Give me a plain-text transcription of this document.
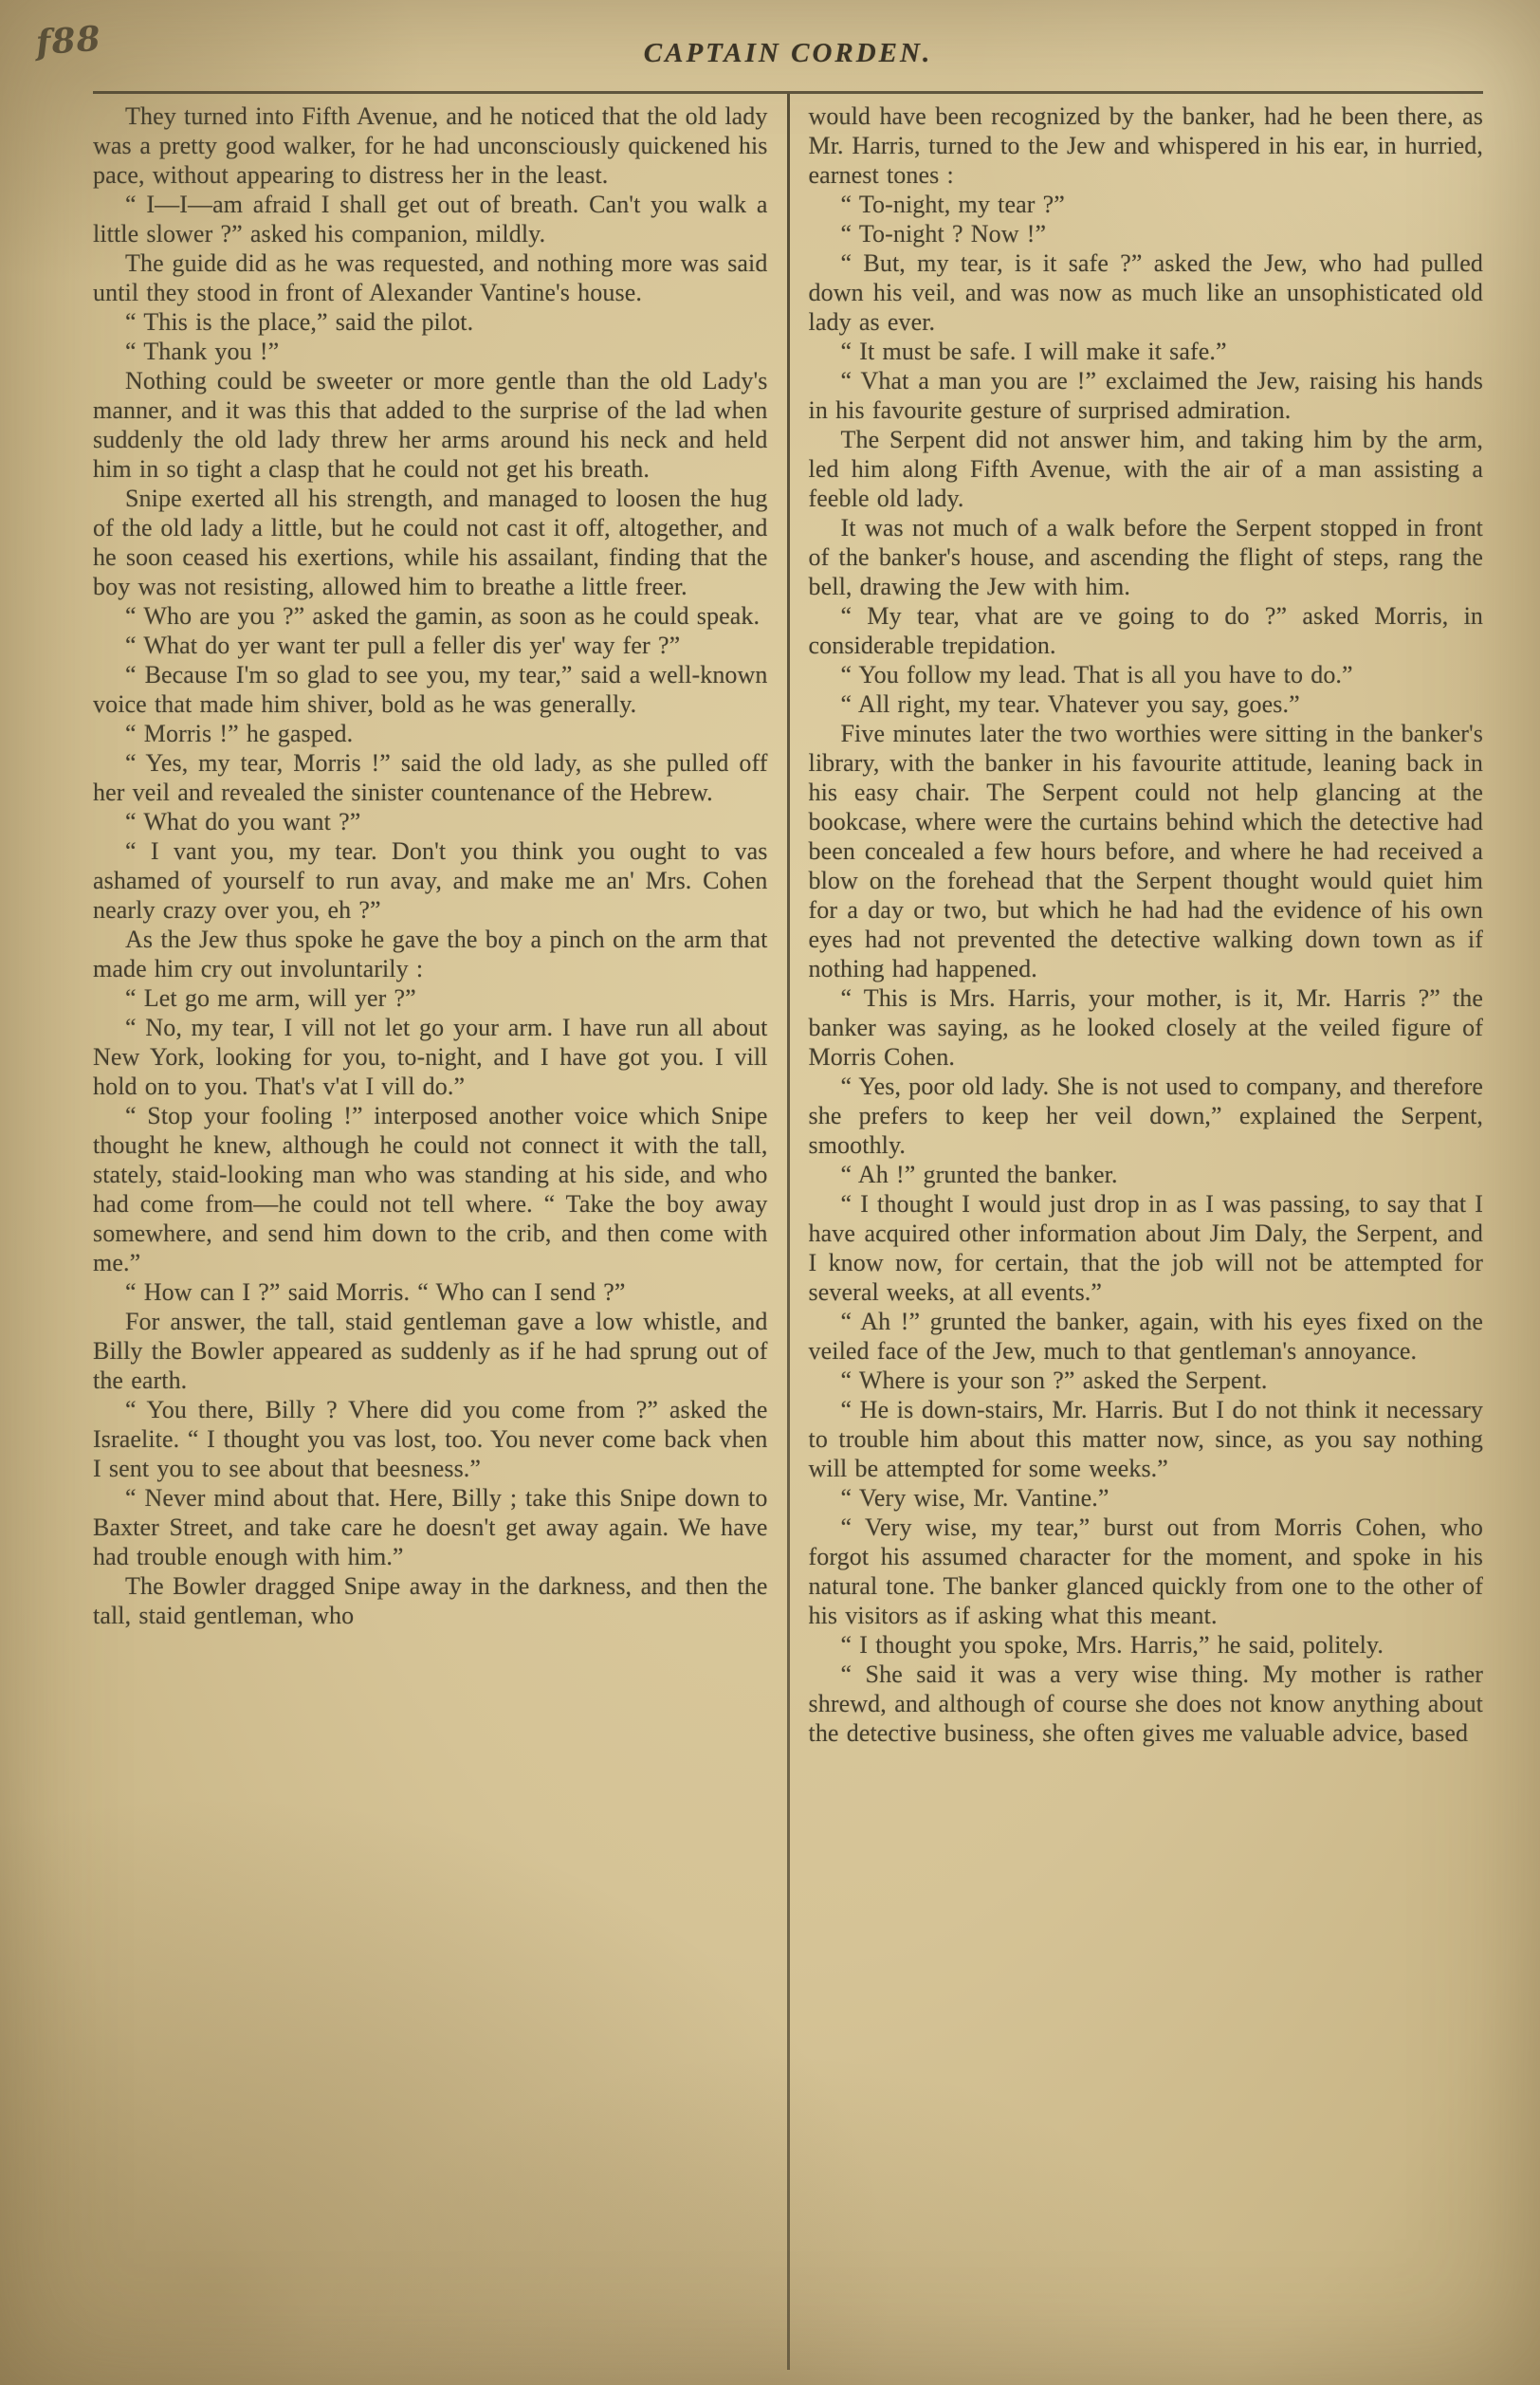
f88	CAPTAIN CORDEN.

They turned into Fifth Avenue, and he noticed that the old lady was a pretty good walker, for he had unconsciously quickened his pace, without appearing to distress her in the least.

“ I—I—am afraid I shall get out of breath. Can't you walk a little slower ?” asked his companion, mildly.

The guide did as he was requested, and nothing more was said until they stood in front of Alexander Vantine's house.

“ This is the place,” said the pilot.

“ Thank you !”

Nothing could be sweeter or more gentle than the old Lady's manner, and it was this that added to the surprise of the lad when suddenly the old lady threw her arms around his neck and held him in so tight a clasp that he could not get his breath.

Snipe exerted all his strength, and managed to loosen the hug of the old lady a little, but he could not cast it off, altogether, and he soon ceased his exertions, while his assailant, finding that the boy was not resisting, allowed him to breathe a little freer.

“ Who are you ?” asked the gamin, as soon as he could speak.

“ What do yer want ter pull a feller dis yer' way fer ?”

“ Because I'm so glad to see you, my tear,” said a well-known voice that made him shiver, bold as he was generally.

“ Morris !” he gasped.

“ Yes, my tear, Morris !” said the old lady, as she pulled off her veil and revealed the sinister countenance of the Hebrew.

“ What do you want ?”

“ I vant you, my tear. Don't you think you ought to vas ashamed of yourself to run avay, and make me an' Mrs. Cohen nearly crazy over you, eh ?”

As the Jew thus spoke he gave the boy a pinch on the arm that made him cry out involuntarily :

“ Let go me arm, will yer ?”

“ No, my tear, I vill not let go your arm. I have run all about New York, looking for you, to-night, and I have got you. I vill hold on to you. That's v'at I vill do.”

“ Stop your fooling !” interposed another voice which Snipe thought he knew, although he could not connect it with the tall, stately, staid-looking man who was standing at his side, and who had come from—he could not tell where. “ Take the boy away somewhere, and send him down to the crib, and then come with me.”

“ How can I ?” said Morris. “ Who can I send ?”

For answer, the tall, staid gentleman gave a low whistle, and Billy the Bowler appeared as suddenly as if he had sprung out of the earth.

“ You there, Billy ? Vhere did you come from ?” asked the Israelite. “ I thought you vas lost, too. You never come back vhen I sent you to see about that beesness.”

“ Never mind about that. Here, Billy ; take this Snipe down to Baxter Street, and take care he doesn't get away again. We have had trouble enough with him.”

The Bowler dragged Snipe away in the darkness, and then the tall, staid gentleman, who

would have been recognized by the banker, had he been there, as Mr. Harris, turned to the Jew and whispered in his ear, in hurried, earnest tones :

“ To-night, my tear ?”

“ To-night ? Now !”

“ But, my tear, is it safe ?” asked the Jew, who had pulled down his veil, and was now as much like an unsophisticated old lady as ever.

“ It must be safe. I will make it safe.”

“ Vhat a man you are !” exclaimed the Jew, raising his hands in his favourite gesture of surprised admiration.

The Serpent did not answer him, and taking him by the arm, led him along Fifth Avenue, with the air of a man assisting a feeble old lady.

It was not much of a walk before the Serpent stopped in front of the banker's house, and ascending the flight of steps, rang the bell, drawing the Jew with him.

“ My tear, vhat are ve going to do ?” asked Morris, in considerable trepidation.

“ You follow my lead. That is all you have to do.”

“ All right, my tear. Vhatever you say, goes.”

Five minutes later the two worthies were sitting in the banker's library, with the banker in his favourite attitude, leaning back in his easy chair. The Serpent could not help glancing at the bookcase, where were the curtains behind which the detective had been concealed a few hours before, and where he had received a blow on the forehead that the Serpent thought would quiet him for a day or two, but which he had had the evidence of his own eyes had not prevented the detective walking down town as if nothing had happened.

“ This is Mrs. Harris, your mother, is it, Mr. Harris ?” the banker was saying, as he looked closely at the veiled figure of Morris Cohen.

“ Yes, poor old lady. She is not used to company, and therefore she prefers to keep her veil down,” explained the Serpent, smoothly.

“ Ah !” grunted the banker.

“ I thought I would just drop in as I was passing, to say that I have acquired other information about Jim Daly, the Serpent, and I know now, for certain, that the job will not be attempted for several weeks, at all events.”

“ Ah !” grunted the banker, again, with his eyes fixed on the veiled face of the Jew, much to that gentleman's annoyance.

“ Where is your son ?” asked the Serpent.

“ He is down-stairs, Mr. Harris. But I do not think it necessary to trouble him about this matter now, since, as you say nothing will be attempted for some weeks.”

“ Very wise, Mr. Vantine.”

“ Very wise, my tear,” burst out from Morris Cohen, who forgot his assumed character for the moment, and spoke in his natural tone. The banker glanced quickly from one to the other of his visitors as if asking what this meant.

“ I thought you spoke, Mrs. Harris,” he said, politely.

“ She said it was a very wise thing. My mother is rather shrewd, and although of course she does not know anything about the detective business, she often gives me valuable advice, based
